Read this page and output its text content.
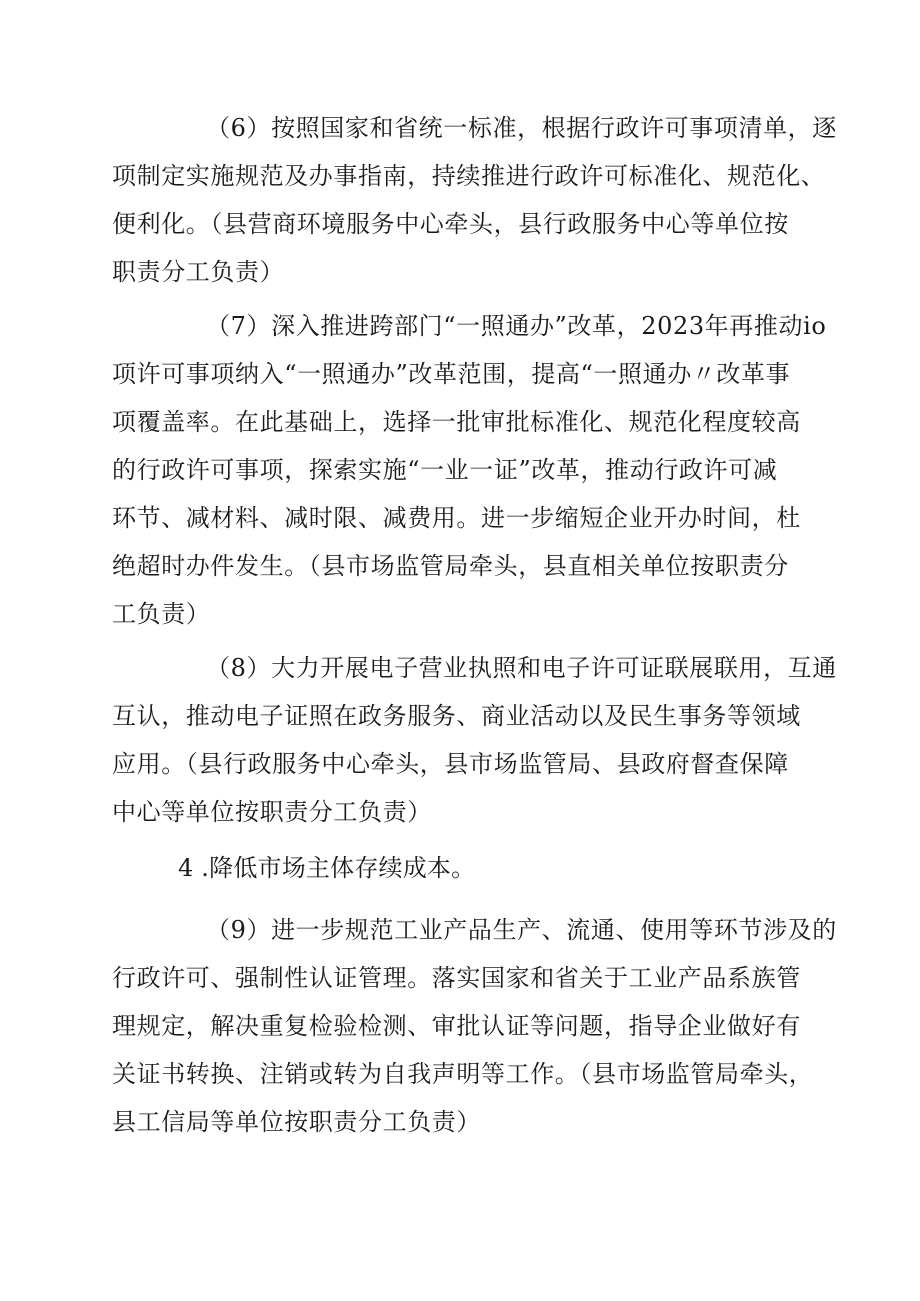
（6）按照国家和省统一标准，根据行政许可事项清单，逐

项制定实施规范及办事指南，持续推进行政许可标准化、规范化、

便利化。（县营商环境服务中心牵头，县行政服务中心等单位按

职责分工负责）

（7）深入推进跨部门“一照通办”改革，2023年再推动io

项许可事项纳入“一照通办”改革范围，提高“一照通办〃改革事

项覆盖率。在此基础上，选择一批审批标准化、规范化程度较高

的行政许可事项，探索实施“一业一证”改革，推动行政许可减

环节、减材料、减时限、减费用。进一步缩短企业开办时间，杜

绝超时办件发生。（县市场监管局牵头，县直相关单位按职责分

工负责）

（8）大力开展电子营业执照和电子许可证联展联用，互通

互认，推动电子证照在政务服务、商业活动以及民生事务等领域

应用。（县行政服务中心牵头，县市场监管局、县政府督查保障

中心等单位按职责分工负责）

4 .降低市场主体存续成本。

（9）进一步规范工业产品生产、流通、使用等环节涉及的

行政许可、强制性认证管理。落实国家和省关于工业产品系族管

理规定，解决重复检验检测、审批认证等问题，指导企业做好有

关证书转换、注销或转为自我声明等工作。（县市场监管局牵头，

县工信局等单位按职责分工负责）
